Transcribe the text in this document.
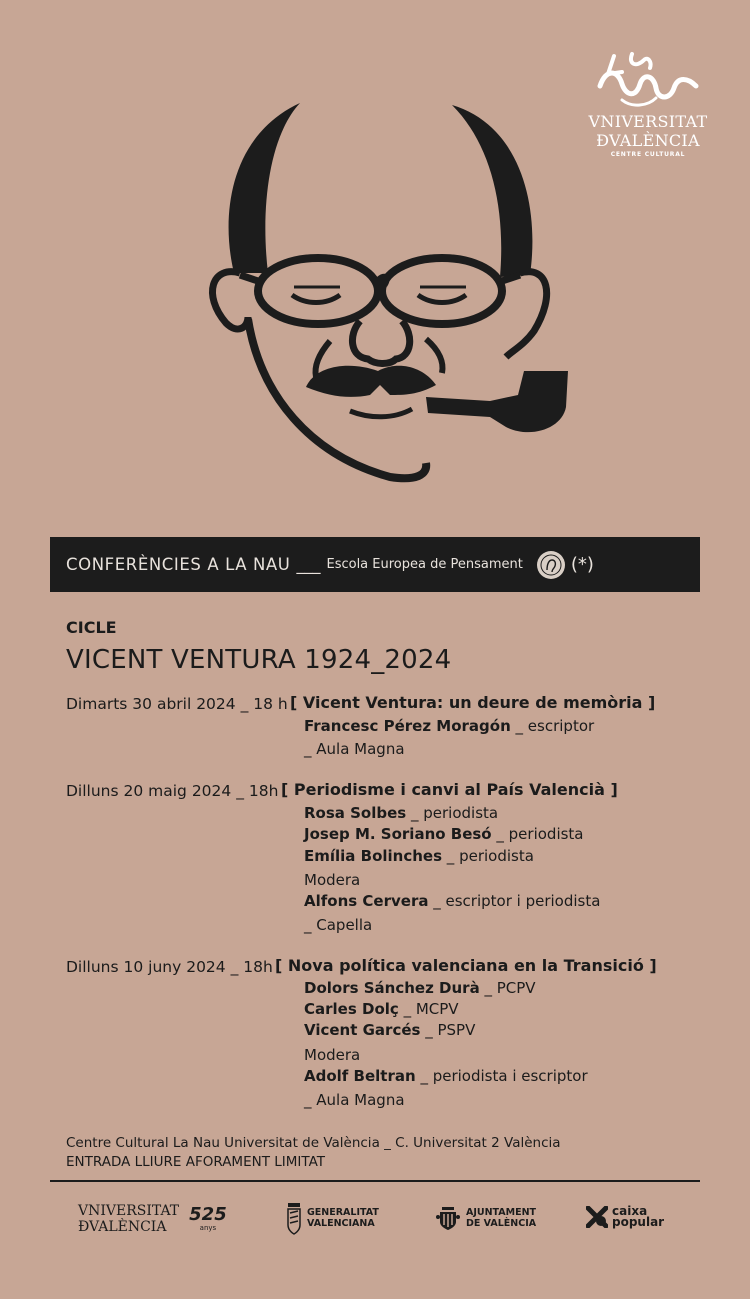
VNIVERSITAT
ÐVALÈNCIA
CENTRE CULTURAL
CONFERÈNCIES A LA NAU ___ Escola Europea de Pensament	(*)
CICLE
VICENT VENTURA 1924_2024
Dimarts 30 abril 2024 _ 18 h [ Vicent Ventura: un deure de memòria ]
Francesc Pérez Moragón _ escriptor
_ Aula Magna
Dilluns 20 maig 2024 _ 18h [ Periodisme i canvi al País Valencià ]
Rosa Solbes _ periodista
Josep M. Soriano Besó _ periodista
Emília Bolinches _ periodista
Modera
Alfons Cervera _ escriptor i periodista
_ Capella
Dilluns 10 juny 2024 _ 18h [ Nova política valenciana en la Transició ]
Dolors Sánchez Durà _ PCPV
Carles Dolç _ MCPV
Vicent Garcés _ PSPV
Modera
Adolf Beltran _ periodista i escriptor
_ Aula Magna
Centre Cultural La Nau Universitat de València _ C. Universitat 2 València
ENTRADA LLIURE AFORAMENT LIMITAT
VNIVERSITAT
ÐVALÈNCIA
525
anys
GENERALITAT
VALENCIANA
AJUNTAMENT
DE VALÈNCIA
caixa
popular
